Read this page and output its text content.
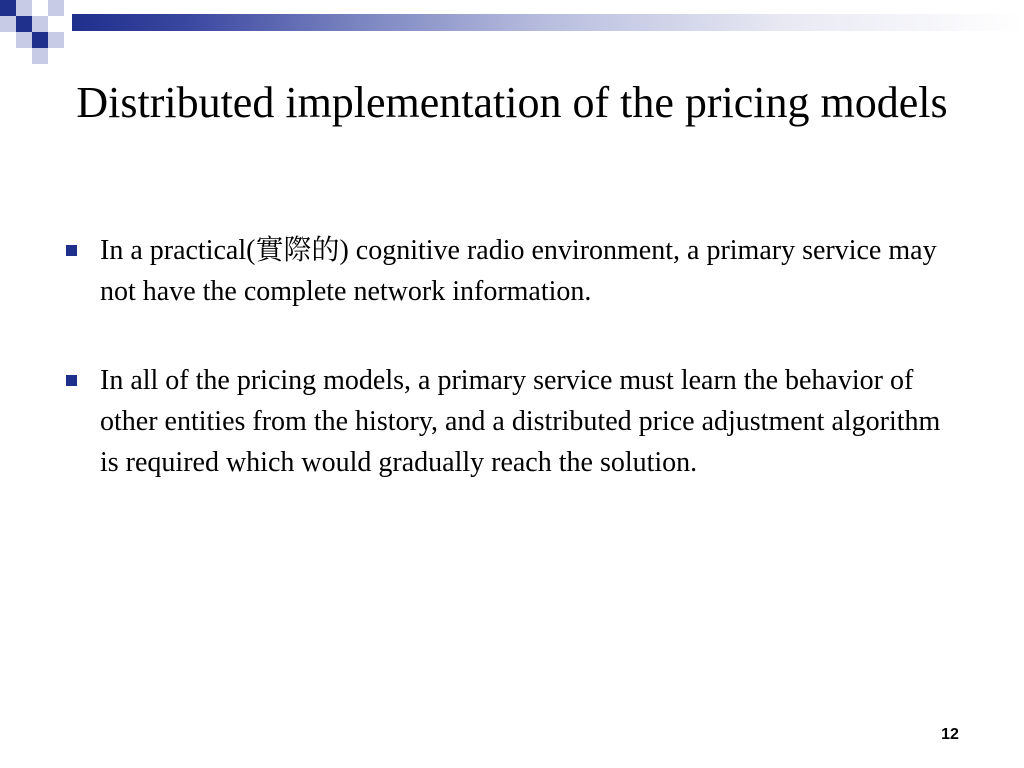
Distributed implementation of the pricing models
In a practical(實際的) cognitive radio environment, a primary service may not have the complete network information.
In all of the pricing models, a primary service must learn the behavior of other entities from the history, and a distributed price adjustment algorithm is required which would gradually reach the solution.
12
